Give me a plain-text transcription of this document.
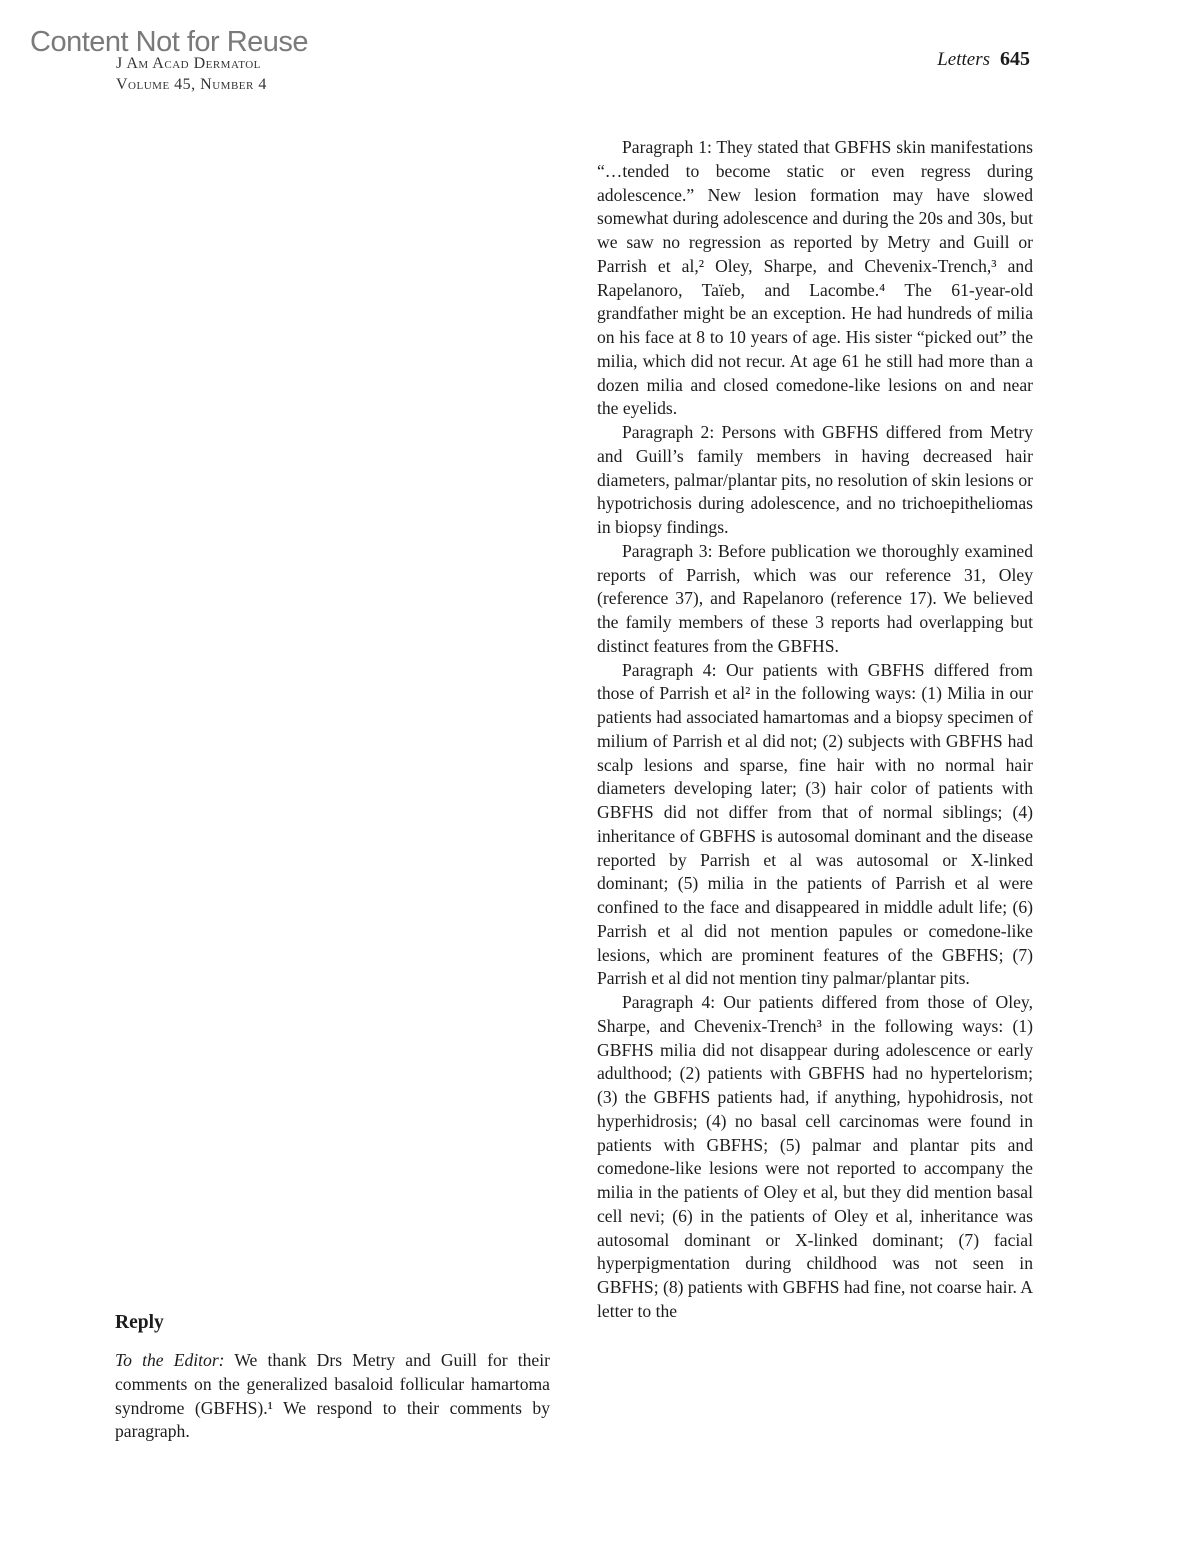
Content Not for Reuse
J Am Acad Dermatol
Volume 45, Number 4
Letters 645

Paragraph 1: They stated that GBFHS skin manifestations “…tended to become static or even regress during adolescence.” New lesion formation may have slowed somewhat during adolescence and during the 20s and 30s, but we saw no regression as reported by Metry and Guill or Parrish et al,² Oley, Sharpe, and Chevenix-Trench,³ and Rapelanoro, Taïeb, and Lacombe.⁴ The 61-year-old grandfather might be an exception. He had hundreds of milia on his face at 8 to 10 years of age. His sister “picked out” the milia, which did not recur. At age 61 he still had more than a dozen milia and closed comedone-like lesions on and near the eyelids.

Paragraph 2: Persons with GBFHS differed from Metry and Guill’s family members in having decreased hair diameters, palmar/plantar pits, no resolution of skin lesions or hypotrichosis during adolescence, and no trichoepitheliomas in biopsy findings.

Paragraph 3: Before publication we thoroughly examined reports of Parrish, which was our reference 31, Oley (reference 37), and Rapelanoro (reference 17). We believed the family members of these 3 reports had overlapping but distinct features from the GBFHS.

Paragraph 4: Our patients with GBFHS differed from those of Parrish et al² in the following ways: (1) Milia in our patients had associated hamartomas and a biopsy specimen of milium of Parrish et al did not; (2) subjects with GBFHS had scalp lesions and sparse, fine hair with no normal hair diameters developing later; (3) hair color of patients with GBFHS did not differ from that of normal siblings; (4) inheritance of GBFHS is autosomal dominant and the disease reported by Parrish et al was autosomal or X-linked dominant; (5) milia in the patients of Parrish et al were confined to the face and disappeared in middle adult life; (6) Parrish et al did not mention papules or comedone-like lesions, which are prominent features of the GBFHS; (7) Parrish et al did not mention tiny palmar/plantar pits.

Paragraph 4: Our patients differed from those of Oley, Sharpe, and Chevenix-Trench³ in the following ways: (1) GBFHS milia did not disappear during adolescence or early adulthood; (2) patients with GBFHS had no hypertelorism; (3) the GBFHS patients had, if anything, hypohidrosis, not hyperhidrosis; (4) no basal cell carcinomas were found in patients with GBFHS; (5) palmar and plantar pits and comedone-like lesions were not reported to accompany the milia in the patients of Oley et al, but they did mention basal cell nevi; (6) in the patients of Oley et al, inheritance was autosomal dominant or X-linked dominant; (7) facial hyperpigmentation during childhood was not seen in GBFHS; (8) patients with GBFHS had fine, not coarse hair. A letter to the

Reply

To the Editor: We thank Drs Metry and Guill for their comments on the generalized basaloid follicular hamartoma syndrome (GBFHS).¹ We respond to their comments by paragraph.
